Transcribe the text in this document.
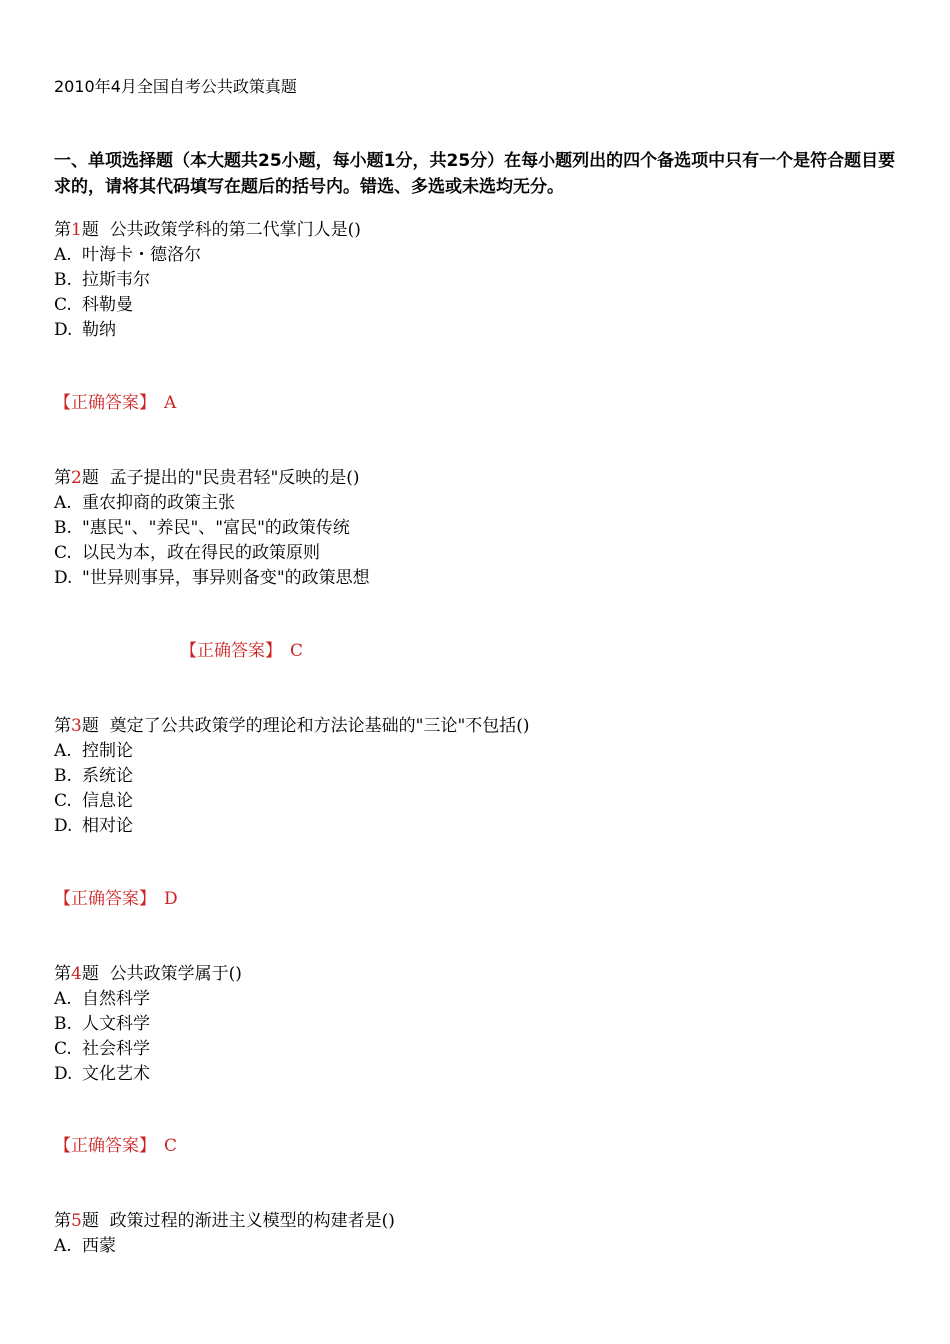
2010年4月全国自考公共政策真题
一、单项选择题（本大题共25小题，每小题1分，共25分）在每小题列出的四个备选项中只有一个是符合题目要求的，请将其代码填写在题后的括号内。错选、多选或未选均无分。
第1题 公共政策学科的第二代掌门人是()
A. 叶海卡・德洛尔
B. 拉斯韦尔
C. 科勒曼
D. 勒纳
【正确答案】 A
第2题 孟子提出的"民贵君轻"反映的是()
A. 重农抑商的政策主张
B. "惠民"、"养民"、"富民"的政策传统
C. 以民为本，政在得民的政策原则
D. "世异则事异，事异则备变"的政策思想
【正确答案】 C
第3题 奠定了公共政策学的理论和方法论基础的"三论"不包括()
A. 控制论
B. 系统论
C. 信息论
D. 相对论
【正确答案】 D
第4题 公共政策学属于()
A. 自然科学
B. 人文科学
C. 社会科学
D. 文化艺术
【正确答案】 C
第5题 政策过程的渐进主义模型的构建者是()
A. 西蒙
